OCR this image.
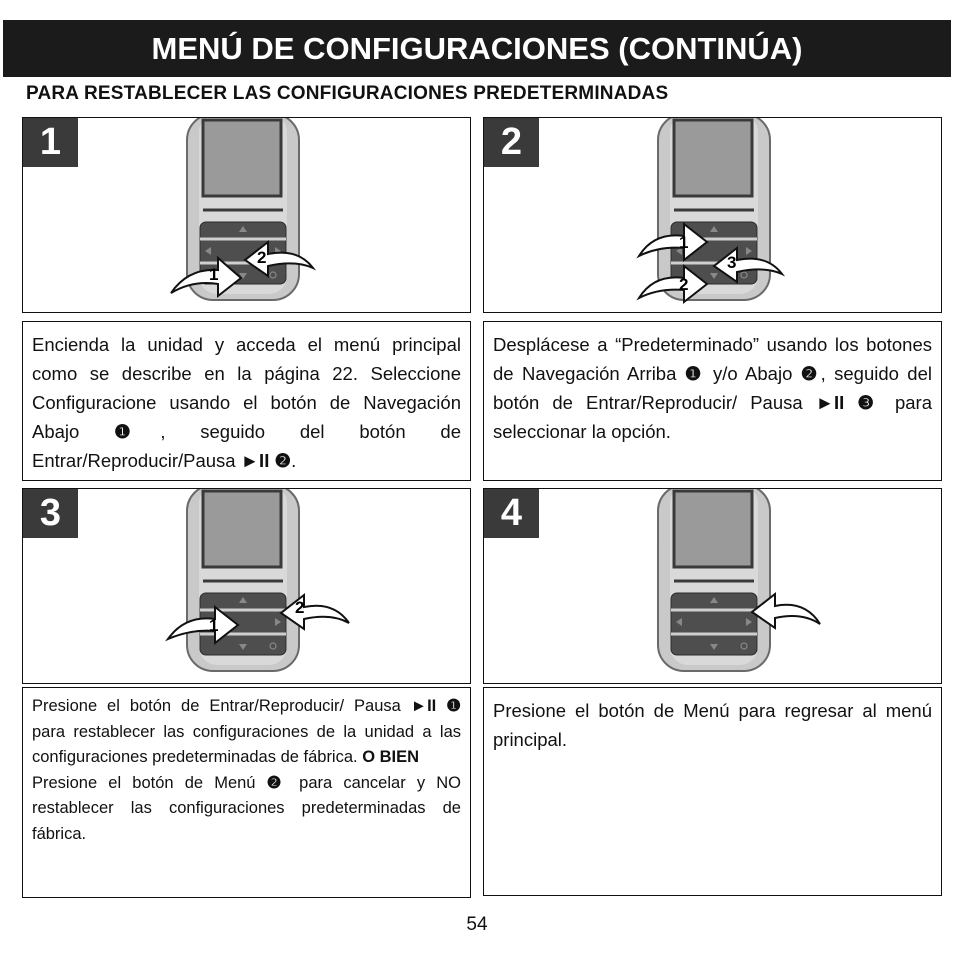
MENÚ DE CONFIGURACIONES (CONTINÚA)
PARA RESTABLECER LAS CONFIGURACIONES PREDETERMINADAS
1
1
2

Encienda la unidad y acceda el menú principal como se describe en la página 22. Seleccione Configuracione usando el botón de Navegación Abajo ❶, seguido del botón de Entrar/Reproducir/Pausa ►II ❷.

2
1
2
3

Desplácese a “Predeterminado” usando los botones de Navegación Arriba ❶ y/o Abajo ❷, seguido del botón de Entrar/Reproducir/ Pausa ►II ❸ para seleccionar la opción.

3
1
2

Presione el botón de Entrar/Reproducir/ Pausa ►II ❶ para restablecer las configuraciones de la unidad a las configuraciones predeterminadas de fábrica. O BIEN

Presione el botón de Menú ❷ para cancelar y NO restablecer las configuraciones predeterminadas de fábrica.

4

Presione el botón de Menú para regresar al menú principal.

54
